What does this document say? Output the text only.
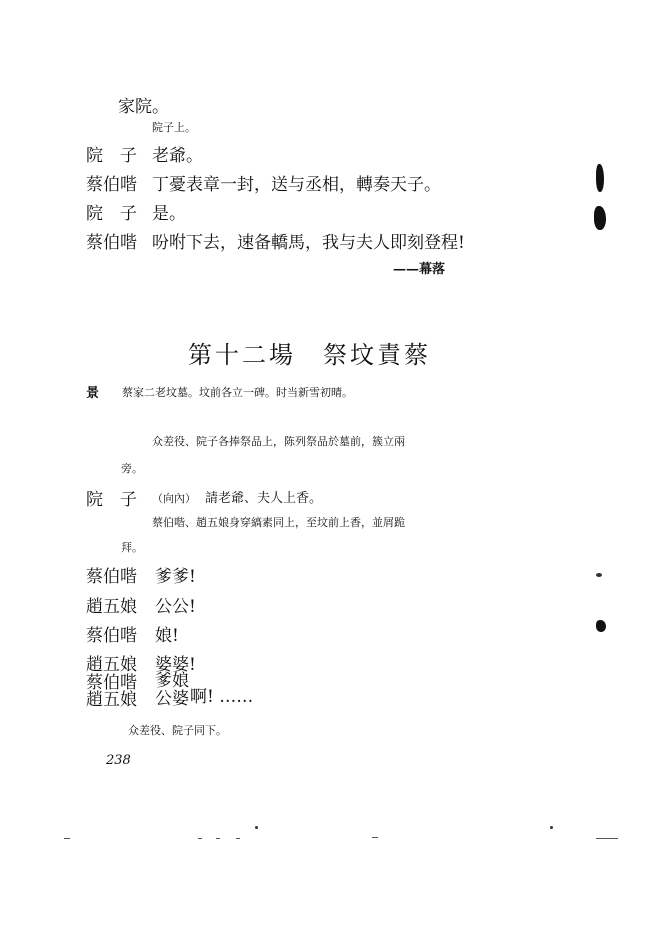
家院。
院子上。
院　子 老爺。
蔡伯喈 丁憂表章一封，送与丞相，轉奏天子。
院　子 是。
蔡伯喈 吩咐下去，速备轎馬，我与夫人即刻登程!
——幕落
第十二場　祭坟責蔡
景 蔡家二老坟墓。坟前各立一碑。时当新雪初晴。
众差役、院子各捧祭品上，陈列祭品於墓前，簇立兩
旁。
院　子 （向內） 請老爺、夫人上香。
蔡伯喈、趙五娘身穿縞素同上，至坟前上香，並屑跪
拜。
蔡伯喈 爹爹!
趙五娘 公公!
蔡伯喈 娘!
趙五娘 婆婆!
蔡伯喈
趙五娘
爹娘
公婆 啊! ……
众差役、院子同下。
238
